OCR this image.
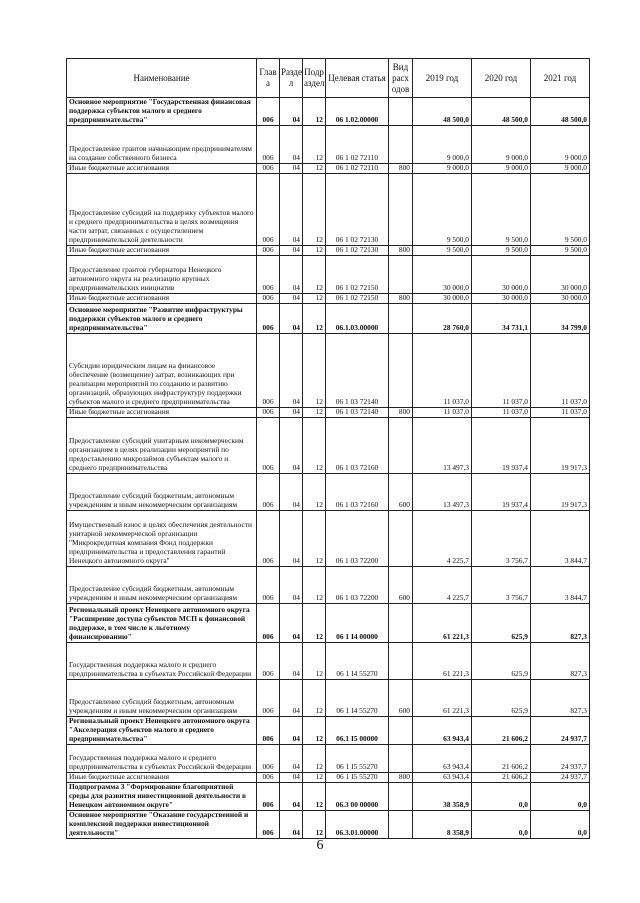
Наименование	Глав а	Разде л	Подр аздел	Целевая статья	Вид расх одов	2019 год	2020 год	2021 год
Основное мероприятие "Государственная финансовая поддержка субъектов малого и среднего предпринимательства"	006	04	12	06 1.02.00000		48 500,0	48 500,0	48 500,0
Предоставление грантов начинающим предпринимателям на создание собственного бизнеса	006	04	12	06 1 02 72110		9 000,0	9 000,0	9 000,0
Иные бюджетные ассигнования	006	04	12	06 1 02 72110	800	9 000,0	9 000,0	9 000,0
Предоставление субсидий на поддержку субъектов малого и среднего предпринимательства в целях возмещения части затрат, связанных с осуществлением предпринимательской деятельности	006	04	12	06 1 02 72130		9 500,0	9 500,0	9 500,0
Иные бюджетные ассигнования	006	04	12	06 1 02 72130	800	9 500,0	9 500,0	9 500,0
Предоставление грантов губернатора Ненецкого автономного округа на реализацию крупных предпринимательских инициатив	006	04	12	06 1 02 72150		30 000,0	30 000,0	30 000,0
Иные бюджетные ассигнования	006	04	12	06 1 02 72150	800	30 000,0	30 000,0	30 000,0
Основное мероприятие "Развитие инфраструктуры поддержки субъектов малого и среднего предпринимательства"	006	04	12	06.1.03.00000		28 760,0	34 731,1	34 799,0
Субсидии юридическим лицам на финансовое обеспечение (возмещение) затрат, возникающих при реализации мероприятий по созданию и развитию организаций, образующих инфраструктуру поддержки субъектов малого и среднего предпринимательства	006	04	12	06 1 03 72140		11 037,0	11 037,0	11 037,0
Иные бюджетные ассигнования	006	04	12	06 1 03 72140	800	11 037,0	11 037,0	11 037,0
Предоставление субсидий унитарным некоммерческим организациям в целях реализации мероприятий по предоставлению микрозаймов субъектам малого и среднего предпринимательства	006	04	12	06 1 03 72160		13 497,3	19 937,4	19 917,3
Предоставление субсидий бюджетным, автономным учреждениям и иным некоммерческим организациям	006	04	12	06 1 03 72160	600	13 497,3	19 937,4	19 917,3
Имущественный взнос в целях обеспечения деятельности унитарной некоммерческой организации "Микрокредитная компания Фонд поддержки предпринимательства и предоставления гарантий Ненецкого автономного округа"	006	04	12	06 1 03 72200		4 225,7	3 756,7	3 844,7
Предоставление субсидий бюджетным, автономным учреждениям и иным некоммерческим организациям	006	04	12	06 1 03 72200	600	4 225,7	3 756,7	3 844,7
Региональный проект Ненецкого автономного округа "Расширение доступа субъектов МСП к финансовой поддержке, в том числе к льготному финансированию"	006	04	12	06 1 I4 00000		61 221,3	625,9	827,3
Государственная поддержка малого и среднего предпринимательства в субъектах Российской Федерации	006	04	12	06 1 I4 55270		61 221,3	625,9	827,3
Предоставление субсидий бюджетным, автономным учреждениям и иным некоммерческим организациям	006	04	12	06 1 I4 55270	600	61 221,3	625,9	827,3
Региональный проект Ненецкого автономного округа "Акселерация субъектов малого и среднего предпринимательства"	006	04	12	06.1 I5 00000		63 943,4	21 606,2	24 937,7
Государственная поддержка малого и среднего предпринимательства в субъектах Российской Федерации	006	04	12	06 1 I5 55270		63 943,4	21 606,2	24 937,7
Иные бюджетные ассигнования	006	04	12	06 1 I5 55270	800	63 943,4	21 606,2	24 937,7
Подпрограмма 3 "Формирование благоприятной среды для развития инвестиционной деятельности в Ненецком автономном округе"	006	04	12	06.3 00 00000		38 358,9	0,0	0,0
Основное мероприятие "Оказание государственной и комплексной поддержки инвестиционной деятельности"	006	04	12	06.3.01.00000		8 358,9	0,0	0,0
6
